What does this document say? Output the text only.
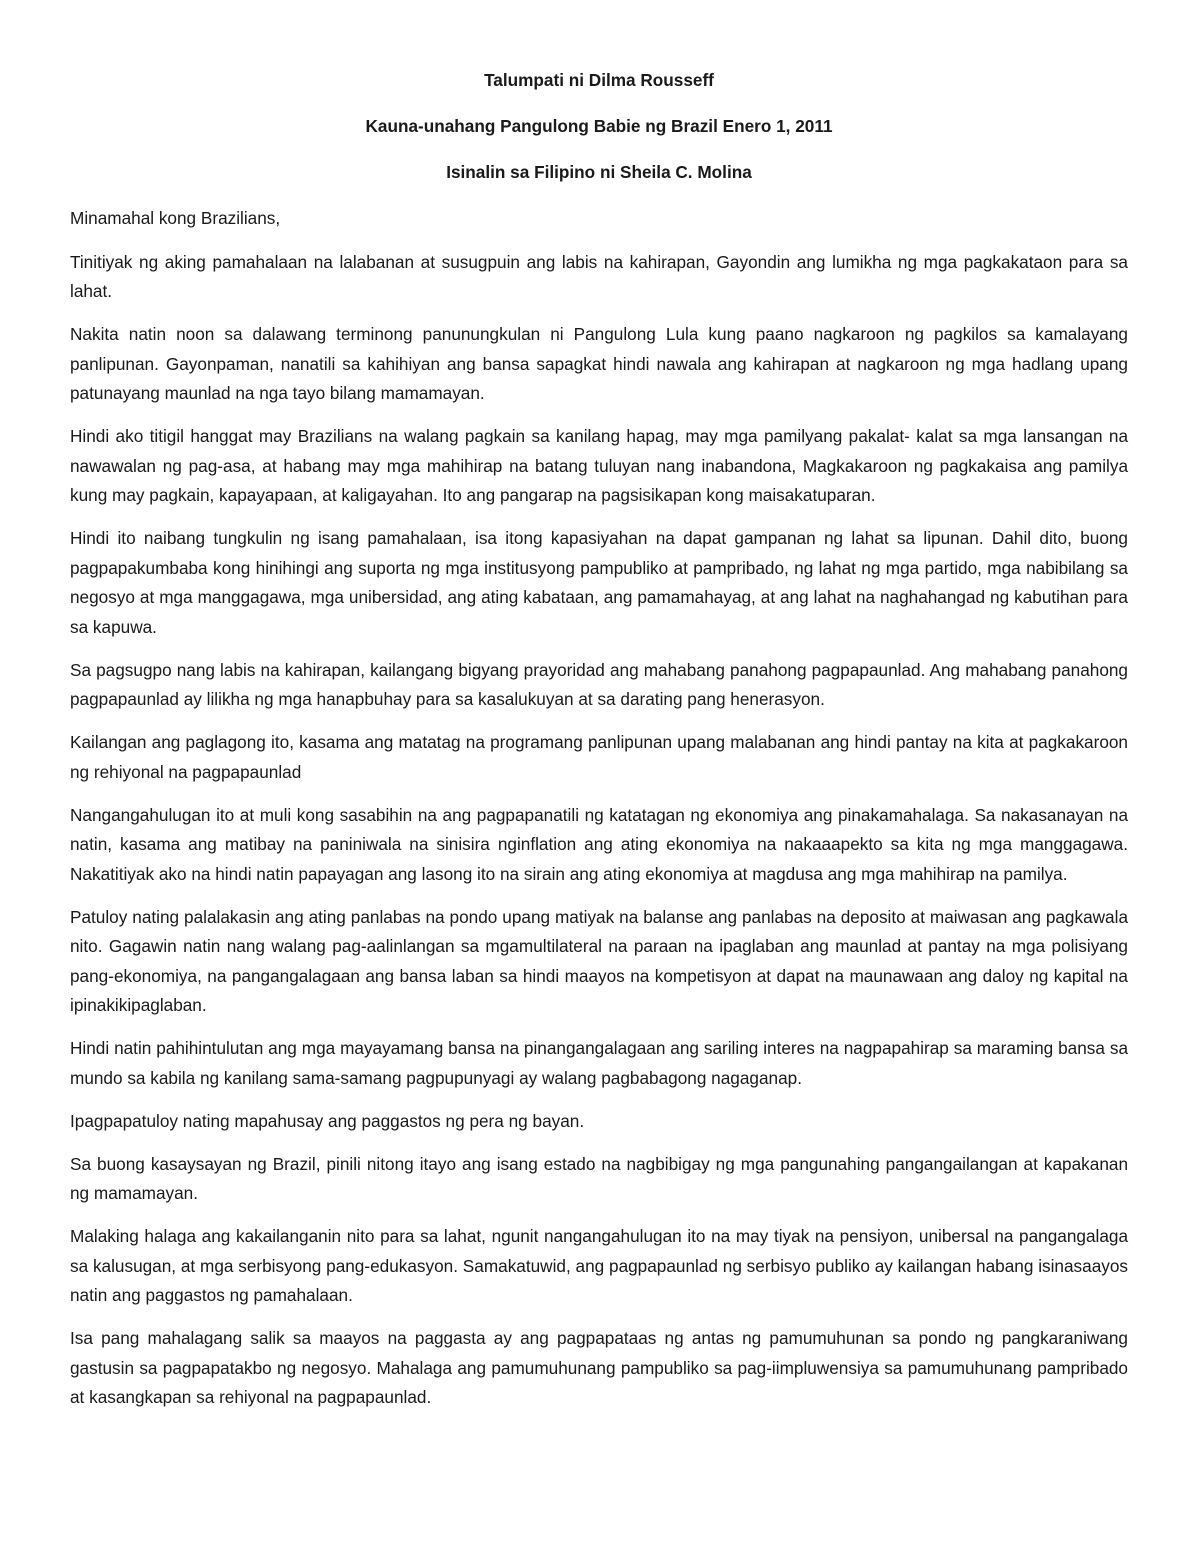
Talumpati ni Dilma Rousseff
Kauna-unahang Pangulong Babie ng Brazil Enero 1, 2011
Isinalin sa Filipino ni Sheila C. Molina

Minamahal kong Brazilians,

Tinitiyak ng aking pamahalaan na lalabanan at susugpuin ang labis na kahirapan, Gayondin ang lumikha ng mga pagkakataon para sa lahat.

Nakita natin noon sa dalawang terminong panunungkulan ni Pangulong Lula kung paano nagkaroon ng pagkilos sa kamalayang panlipunan. Gayonpaman, nanatili sa kahihiyan ang bansa sapagkat hindi nawala ang kahirapan at nagkaroon ng mga hadlang upang patunayang maunlad na nga tayo bilang mamamayan.

Hindi ako titigil hanggat may Brazilians na walang pagkain sa kanilang hapag, may mga pamilyang pakalat- kalat sa mga lansangan na nawawalan ng pag-asa, at habang may mga mahihirap na batang tuluyan nang inabandona, Magkakaroon ng pagkakaisa ang pamilya kung may pagkain, kapayapaan, at kaligayahan. Ito ang pangarap na pagsisikapan kong maisakatuparan.

Hindi ito naibang tungkulin ng isang pamahalaan, isa itong kapasiyahan na dapat gampanan ng lahat sa lipunan. Dahil dito, buong pagpapakumbaba kong hinihingi ang suporta ng mga institusyong pampubliko at pampribado, ng lahat ng mga partido, mga nabibilang sa negosyo at mga manggagawa, mga unibersidad, ang ating kabataan, ang pamamahayag, at ang lahat na naghahangad ng kabutihan para sa kapuwa.

Sa pagsugpo nang labis na kahirapan, kailangang bigyang prayoridad ang mahabang panahong pagpapaunlad. Ang mahabang panahong pagpapaunlad ay lilikha ng mga hanapbuhay para sa kasalukuyan at sa darating pang henerasyon.

Kailangan ang paglagong ito, kasama ang matatag na programang panlipunan upang malabanan ang hindi pantay na kita at pagkakaroon ng rehiyonal na pagpapaunlad

Nangangahulugan ito at muli kong sasabihin na ang pagpapanatili ng katatagan ng ekonomiya ang pinakamahalaga. Sa nakasanayan na natin, kasama ang matibay na paniniwala na sinisira nginflation ang ating ekonomiya na nakaaapekto sa kita ng mga manggagawa. Nakatitiyak ako na hindi natin papayagan ang lasong ito na sirain ang ating ekonomiya at magdusa ang mga mahihirap na pamilya.

Patuloy nating palalakasin ang ating panlabas na pondo upang matiyak na balanse ang panlabas na deposito at maiwasan ang pagkawala nito. Gagawin natin nang walang pag-aalinlangan sa mgamultilateral na paraan na ipaglaban ang maunlad at pantay na mga polisiyang pang-ekonomiya, na pangangalagaan ang bansa laban sa hindi maayos na kompetisyon at dapat na maunawaan ang daloy ng kapital na ipinakikipaglaban.

Hindi natin pahihintulutan ang mga mayayamang bansa na pinangangalagaan ang sariling interes na nagpapahirap sa maraming bansa sa mundo sa kabila ng kanilang sama-samang pagpupunyagi ay walang pagbabagong nagaganap.

Ipagpapatuloy nating mapahusay ang paggastos ng pera ng bayan.

Sa buong kasaysayan ng Brazil, pinili nitong itayo ang isang estado na nagbibigay ng mga pangunahing pangangailangan at kapakanan ng mamamayan.

Malaking halaga ang kakailanganin nito para sa lahat, ngunit nangangahulugan ito na may tiyak na pensiyon, unibersal na pangangalaga sa kalusugan, at mga serbisyong pang-edukasyon. Samakatuwid, ang pagpapaunlad ng serbisyo publiko ay kailangan habang isinasaayos natin ang paggastos ng pamahalaan.

Isa pang mahalagang salik sa maayos na paggasta ay ang pagpapataas ng antas ng pamumuhunan sa pondo ng pangkaraniwang gastusin sa pagpapatakbo ng negosyo. Mahalaga ang pamumuhunang pampubliko sa pag-iimpluwensiya sa pamumuhunang pampribado at kasangkapan sa rehiyonal na pagpapaunlad.
